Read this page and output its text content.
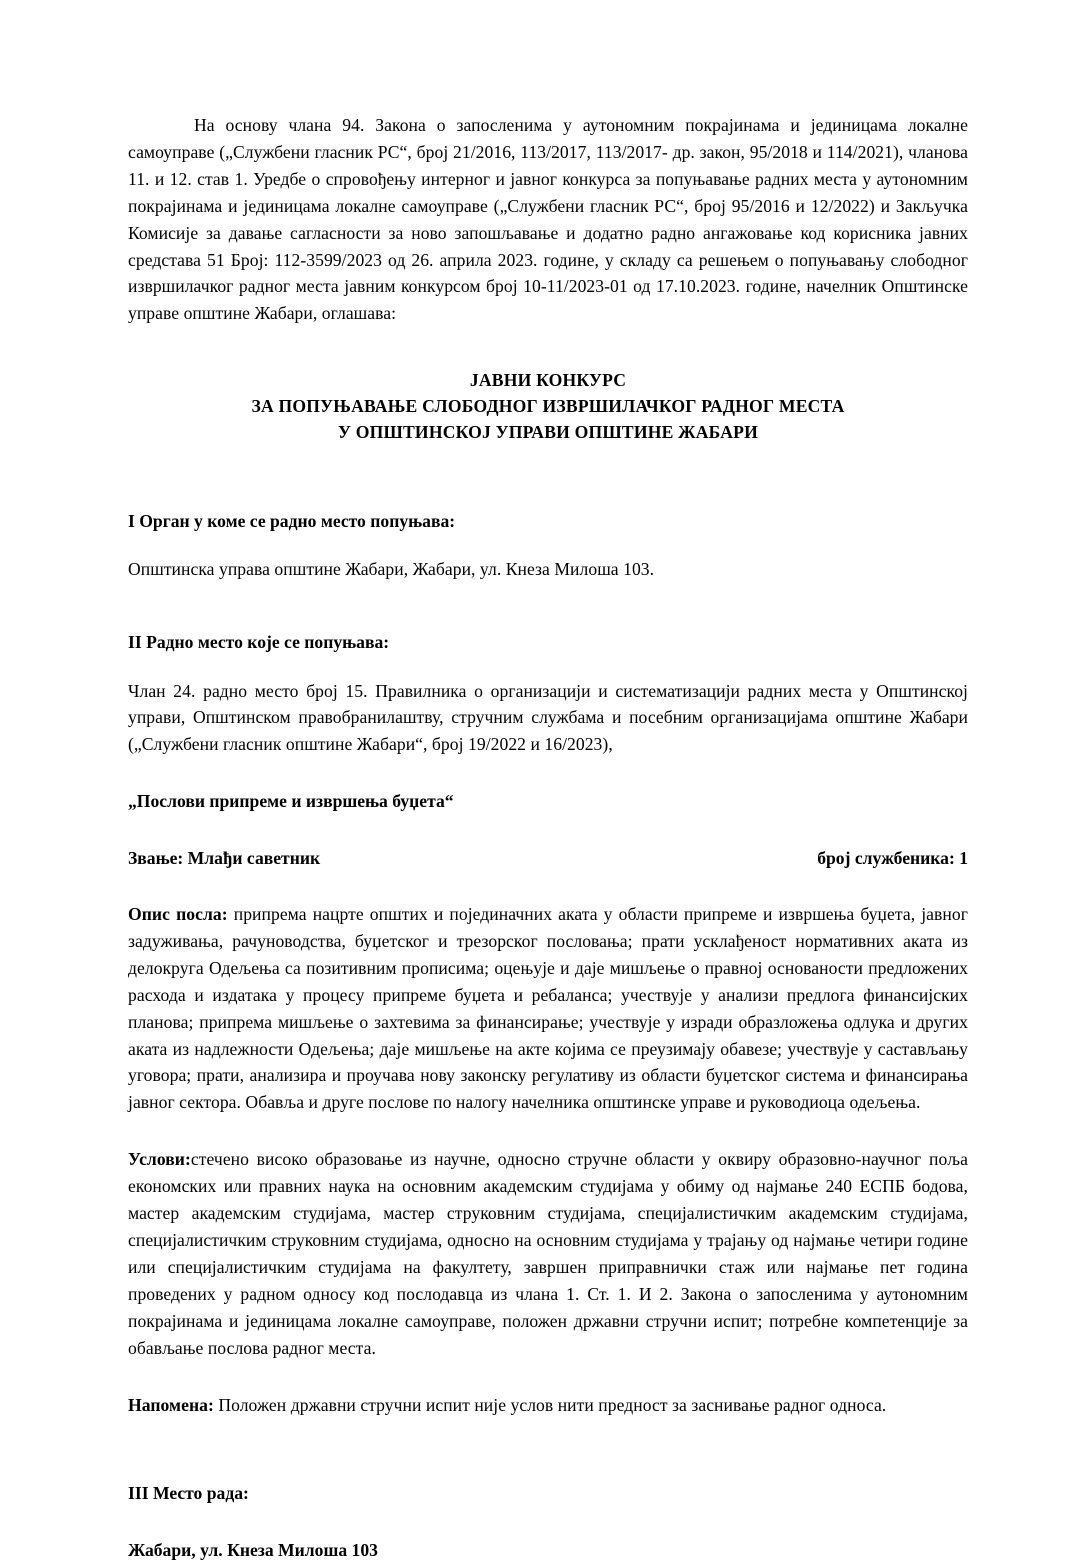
На основу члана 94. Закона о запосленима у аутономним покрајинама и јединицама локалне самоуправе („Службени гласник РС“, број 21/2016, 113/2017, 113/2017- др. закон, 95/2018 и 114/2021), чланова 11. и 12. став 1. Уредбе о спровођењу интерног и јавног конкурса за попуњавање радних места у аутономним покрајинама и јединицама локалне самоуправе („Службени гласник РС“, број 95/2016 и 12/2022) и Закључка Комисије за давање сагласности за ново запошљавање и додатно радно ангажовање код корисника јавних средстава 51 Број: 112-3599/2023 од 26. априла 2023. године, у складу са решењем о попуњавању слободног извршилачког радног места јавним конкурсом број 10-11/2023-01 од 17.10.2023. године, начелник Општинске управе општине Жабари, оглашава:

ЈАВНИ КОНКУРС
ЗА ПОПУЊАВАЊЕ СЛОБОДНОГ ИЗВРШИЛАЧКОГ РАДНОГ МЕСТА
У ОПШТИНСКОЈ УПРАВИ ОПШТИНЕ ЖАБАРИ

I Орган у коме се радно место попуњава:

Општинска управа општине Жабари, Жабари, ул. Кнеза Милоша 103.

II Радно место које се попуњава:

Члан 24. радно место број 15. Правилника о организацији и систематизацији радних места у Општинској управи, Општинском правобранилаштву, стручним службама и посебним организацијама општине Жабари („Службени гласник општине Жабари“, број 19/2022 и 16/2023),

„Послови припреме и извршења буџета“

Звање: Млађи саветник	број службеника: 1

Опис посла: припрема нацрте општих и појединачних аката у области припреме и извршења буџета, јавног задуживања, рачуноводства, буџетског и трезорског пословања; прати усклађеност нормативних аката из делокруга Одељења са позитивним прописима; оцењује и даје мишљење о правној основаности предложених расхода и издатака у процесу припреме буџета и ребаланса; учествује у анализи предлога финансијских планова; припрема мишљење о захтевима за финансирање; учествује у изради образложења одлука и других аката из надлежности Одељења; даје мишљење на акте којима се преузимају обавезе; учествује у састављању уговора; прати, анализира и проучава нову законску регулативу из области буџетског система и финансирања јавног сектора. Обавља и друге послове по налогу начелника општинске управе и руководиоца одељења.

Услови:стечено високо образовање из научне, односно стручне области у оквиру образовно-научног поља економских или правних наука на основним академским студијама у обиму од најмање 240 ЕСПБ бодова, мастер академским студијама, мастер струковним студијама, специјалистичким академским студијама, специјалистичким струковним студијама, односно на основним студијама у трајању од најмање четири године или специјалистичким студијама на факултету, завршен приправнички стаж или најмање пет година проведених у радном односу код послодавца из члана 1. Ст. 1. И 2. Закона о запосленима у аутономним покрајинама и јединицама локалне самоуправе, положен државни стручни испит; потребне компетенције за обављање послова радног места.

Напомена: Положен државни стручни испит није услов нити предност за заснивање радног односа.

III Место рада:

Жабари, ул. Кнеза Милоша 103
